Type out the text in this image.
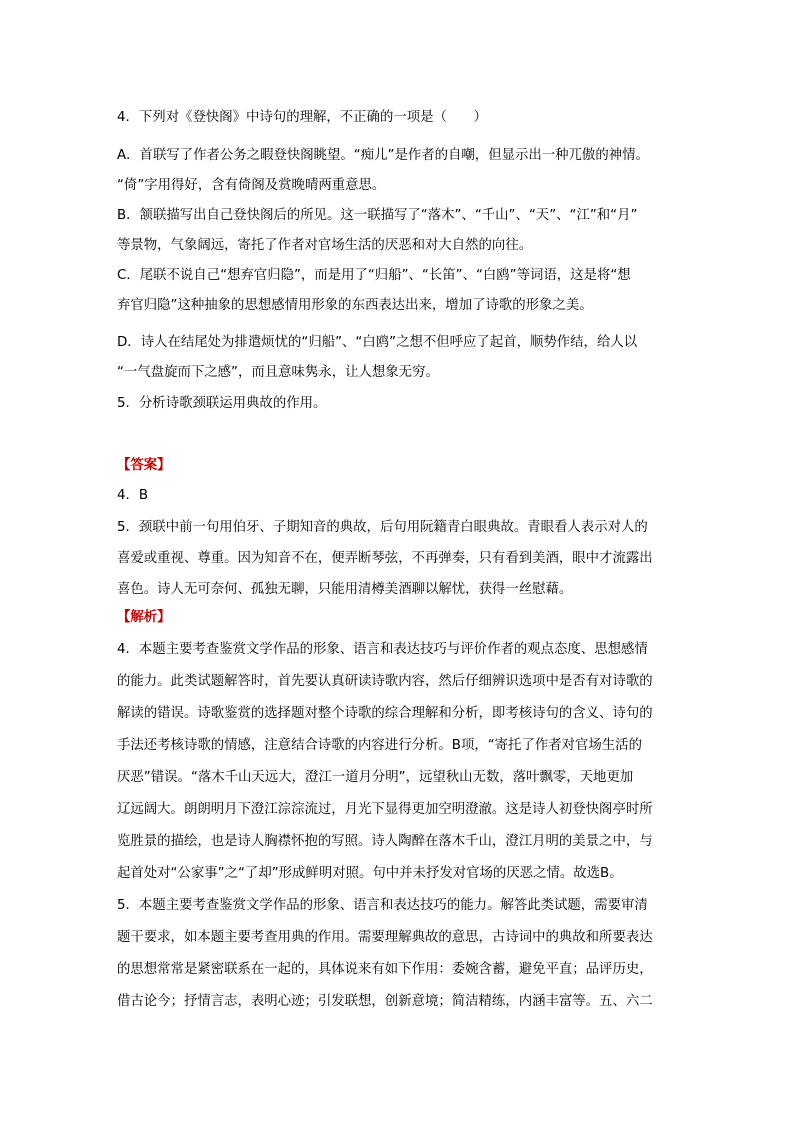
4．下列对《登快阁》中诗句的理解，不正确的一项是（　　）
A．首联写了作者公务之暇登快阁眺望。“痴儿”是作者的自嘲，但显示出一种兀傲的神情。
“倚”字用得好，含有倚阁及赏晚晴两重意思。
B．颔联描写出自己登快阁后的所见。这一联描写了“落木”、“千山”、“天”、“江”和“月”
等景物，气象阔远，寄托了作者对官场生活的厌恶和对大自然的向往。
C．尾联不说自己“想弃官归隐”，而是用了“归船”、“长笛”、“白鸥”等词语，这是将“想
弃官归隐”这种抽象的思想感情用形象的东西表达出来，增加了诗歌的形象之美。
D．诗人在结尾处为排遣烦忧的“归船”、“白鸥”之想不但呼应了起首，顺势作结，给人以
“一气盘旋而下之感”，而且意味隽永，让人想象无穷。
5．分析诗歌颈联运用典故的作用。
【答案】
4．B
5．颈联中前一句用伯牙、子期知音的典故，后句用阮籍青白眼典故。青眼看人表示对人的
喜爱或重视、尊重。因为知音不在，便弄断琴弦，不再弹奏，只有看到美酒，眼中才流露出
喜色。诗人无可奈何、孤独无聊，只能用清樽美酒聊以解忧，获得一丝慰藉。
【解析】
4．本题主要考查鉴赏文学作品的形象、语言和表达技巧与评价作者的观点态度、思想感情
的能力。此类试题解答时，首先要认真研读诗歌内容，然后仔细辨识选项中是否有对诗歌的
解读的错误。诗歌鉴赏的选择题对整个诗歌的综合理解和分析，即考核诗句的含义、诗句的
手法还考核诗歌的情感，注意结合诗歌的内容进行分析。B项，“寄托了作者对官场生活的
厌恶”错误。“落木千山天远大，澄江一道月分明”，远望秋山无数，落叶飘零，天地更加
辽远阔大。朗朗明月下澄江淙淙流过，月光下显得更加空明澄澈。这是诗人初登快阁亭时所
览胜景的描绘，也是诗人胸襟怀抱的写照。诗人陶醉在落木千山，澄江月明的美景之中，与
起首处对“公家事”之“了却”形成鲜明对照。句中并未抒发对官场的厌恶之情。故选B。
5．本题主要考查鉴赏文学作品的形象、语言和表达技巧的能力。解答此类试题，需要审清
题干要求，如本题主要考查用典的作用。需要理解典故的意思，古诗词中的典故和所要表达
的思想常常是紧密联系在一起的，具体说来有如下作用：委婉含蓄，避免平直；品评历史，
借古论今；抒情言志，表明心迹；引发联想，创新意境；简洁精练，内涵丰富等。五、六二
